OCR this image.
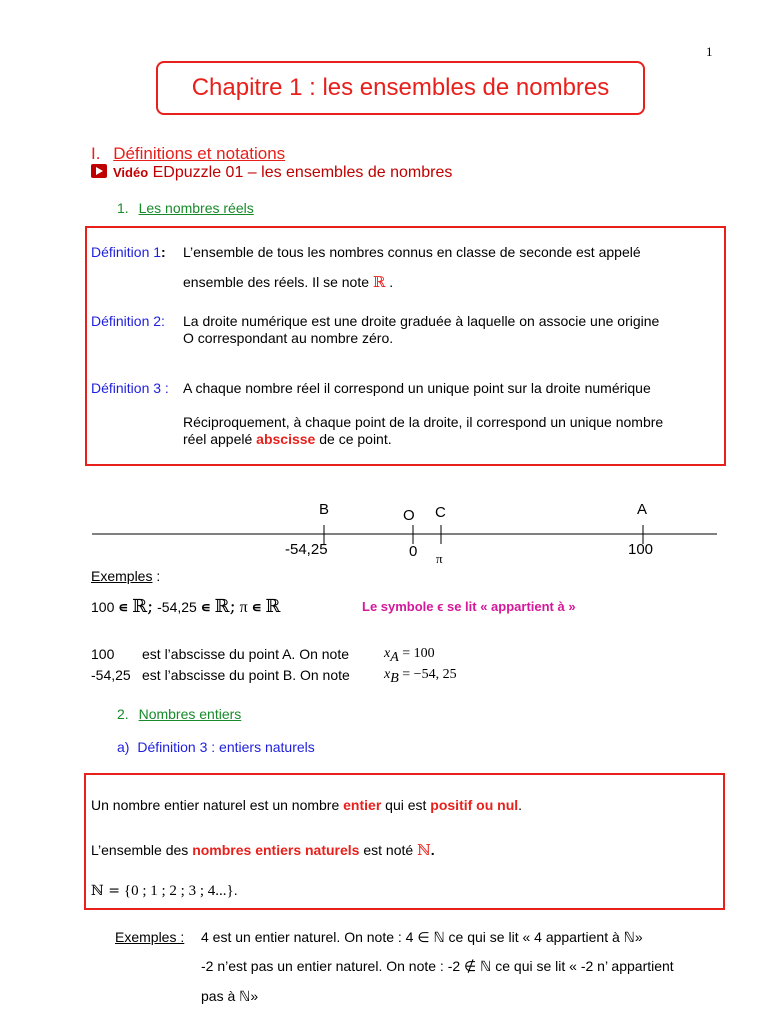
1
Chapitre 1 : les ensembles de nombres
I. Définitions et notations
Vidéo EDpuzzle 01 – les ensembles de nombres
1. Les nombres réels
Définition 1: L’ensemble de tous les nombres connus en classe de seconde est appelé
ensemble des réels. Il se note ℝ .
Définition 2: La droite numérique est une droite graduée à laquelle on associe une origine
O correspondant au nombre zéro.
Définition 3 : A chaque nombre réel il correspond un unique point sur la droite numérique
Réciproquement, à chaque point de la droite, il correspond un unique nombre
réel appelé abscisse de ce point.
B	O C	A
-54,25	0 π
100
Exemples :
100 ∊ ℝ; -54,25 ∊ ℝ; π ∊ ℝ	Le symbole ϵ se lit « appartient à »
100 est l’abscisse du point A. On note $x_A = 100$
-54,25 est l’abscisse du point B. On note $x_B = -54$, 25
2. Nombres entiers
a) Définition 3 : entiers naturels
Un nombre entier naturel est un nombre entier qui est positif ou nul.
L’ensemble des nombres entiers naturels est noté ℕ.
ℕ = {0 ; 1 ; 2 ; 3 ; 4...}.
Exemples : 4 est un entier naturel. On note : 4 ∈ ℕ ce qui se lit « 4 appartient à ℕ»
-2 n’est pas un entier naturel. On note : -2 ∉ ℕ ce qui se lit « -2 n’ appartient
pas à ℕ»
